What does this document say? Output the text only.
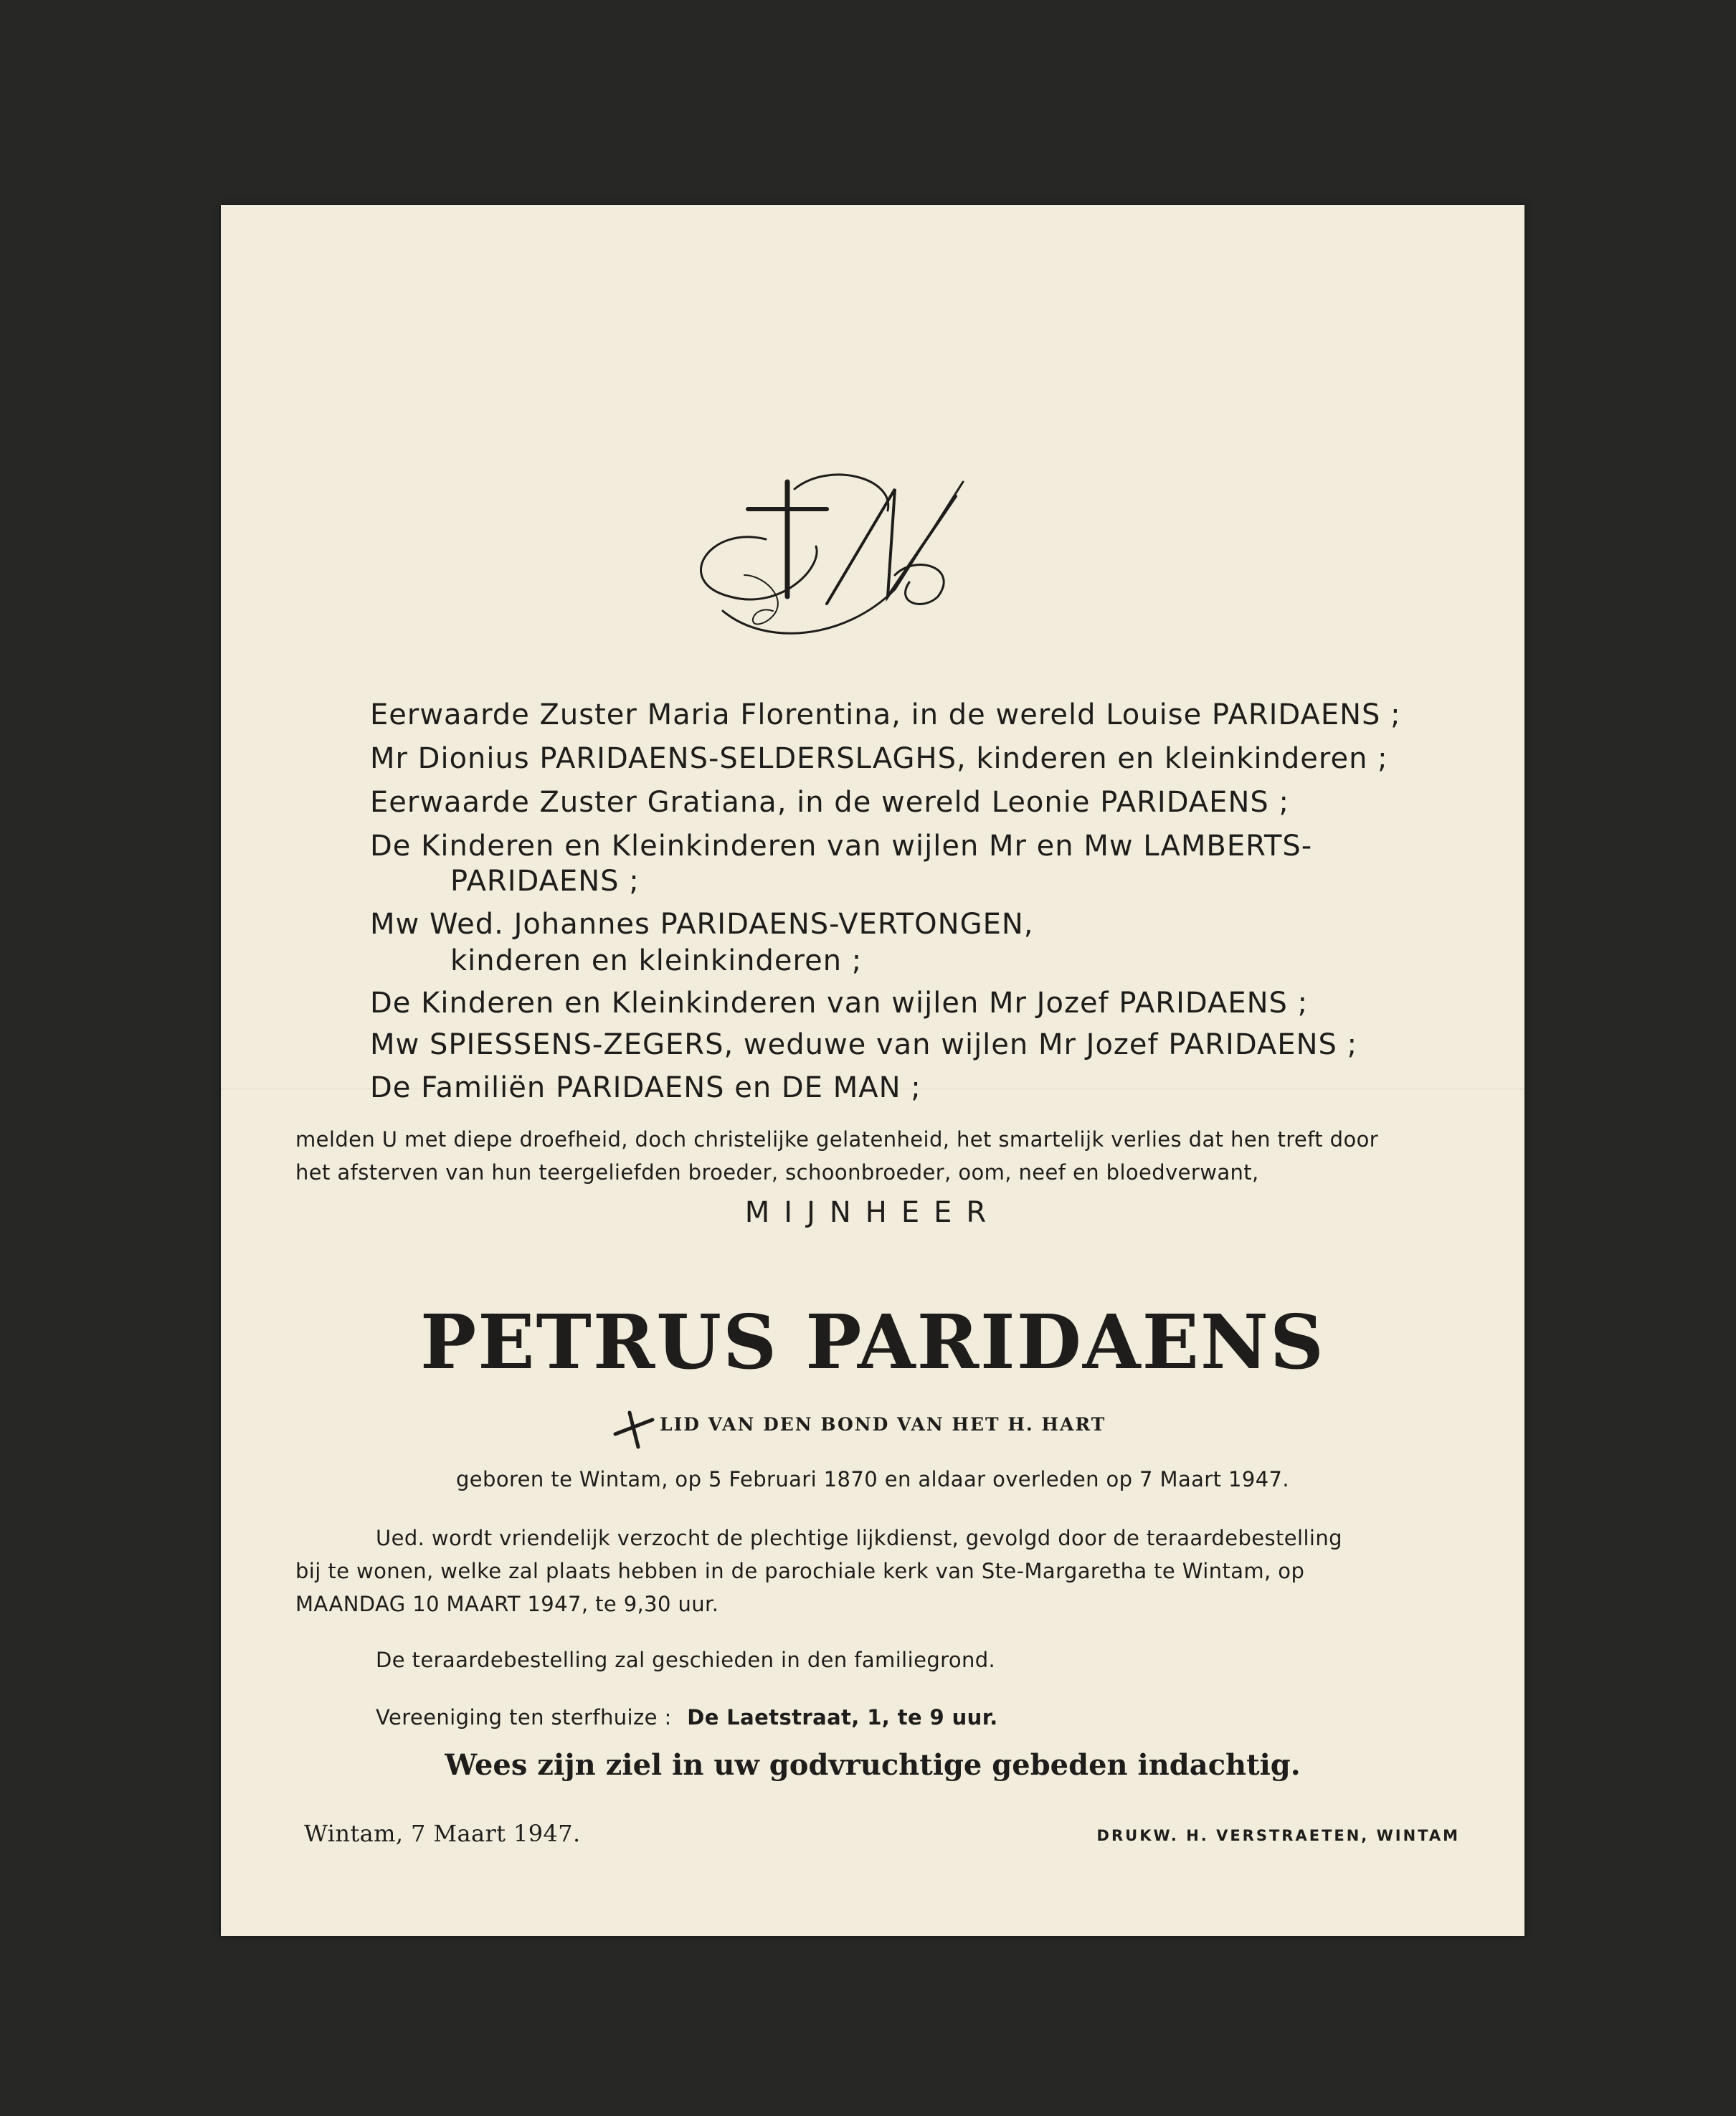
Eerwaarde Zuster Maria Florentina, in de wereld Louise PARIDAENS ;
Mr Dionius PARIDAENS-SELDERSLAGHS, kinderen en kleinkinderen ;
Eerwaarde Zuster Gratiana, in de wereld Leonie PARIDAENS ;
De Kinderen en Kleinkinderen van wijlen Mr en Mw LAMBERTS-
PARIDAENS ;
Mw Wed. Johannes PARIDAENS-VERTONGEN,
kinderen en kleinkinderen ;
De Kinderen en Kleinkinderen van wijlen Mr Jozef PARIDAENS ;
Mw SPIESSENS-ZEGERS, weduwe van wijlen Mr Jozef PARIDAENS ;
De Familiën PARIDAENS en DE MAN ;
melden U met diepe droefheid, doch christelijke gelatenheid, het smartelijk verlies dat hen treft door
het afsterven van hun teergeliefden broeder, schoonbroeder, oom, neef en bloedverwant,
MIJNHEER
PETRUS PARIDAENS
LID VAN DEN BOND VAN HET H. HART
geboren te Wintam, op 5 Februari 1870 en aldaar overleden op 7 Maart 1947.
Ued. wordt vriendelijk verzocht de plechtige lijkdienst, gevolgd door de teraardebestelling
bij te wonen, welke zal plaats hebben in de parochiale kerk van Ste-Margaretha te Wintam, op
MAANDAG 10 MAART 1947, te 9,30 uur.
De teraardebestelling zal geschieden in den familiegrond.
Vereeniging ten sterfhuize : De Laetstraat, 1, te 9 uur.
Wees zijn ziel in uw godvruchtige gebeden indachtig.
Wintam, 7 Maart 1947.	DRUKW. H. VERSTRAETEN, WINTAM
